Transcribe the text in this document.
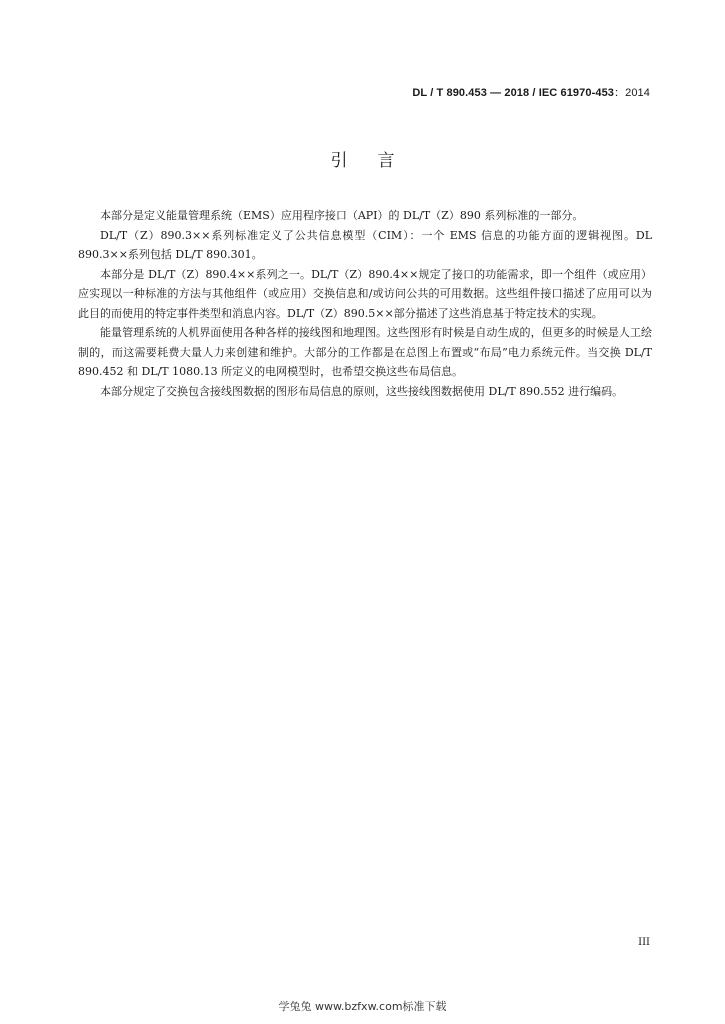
DL / T 890.453 — 2018 / IEC 61970-453：2014
引言

本部分是定义能量管理系统（EMS）应用程序接口（API）的 DL/T（Z）890 系列标准的一部分。

DL/T（Z）890.3××系列标准定义了公共信息模型（CIM）：一个 EMS 信息的功能方面的逻辑视图。DL 890.3××系列包括 DL/T 890.301。

本部分是 DL/T（Z）890.4××系列之一。DL/T（Z）890.4××规定了接口的功能需求，即一个组件（或应用）应实现以一种标准的方法与其他组件（或应用）交换信息和/或访问公共的可用数据。这些组件接口描述了应用可以为此目的而使用的特定事件类型和消息内容。DL/T（Z）890.5××部分描述了这些消息基于特定技术的实现。

能量管理系统的人机界面使用各种各样的接线图和地理图。这些图形有时候是自动生成的，但更多的时候是人工绘制的，而这需要耗费大量人力来创建和维护。大部分的工作都是在总图上布置或“布局”电力系统元件。当交换 DL/T 890.452 和 DL/T 1080.13 所定义的电网模型时，也希望交换这些布局信息。

本部分规定了交换包含接线图数据的图形布局信息的原则，这些接线图数据使用 DL/T 890.552 进行编码。

III
学兔兔 www.bzfxw.com标准下载
